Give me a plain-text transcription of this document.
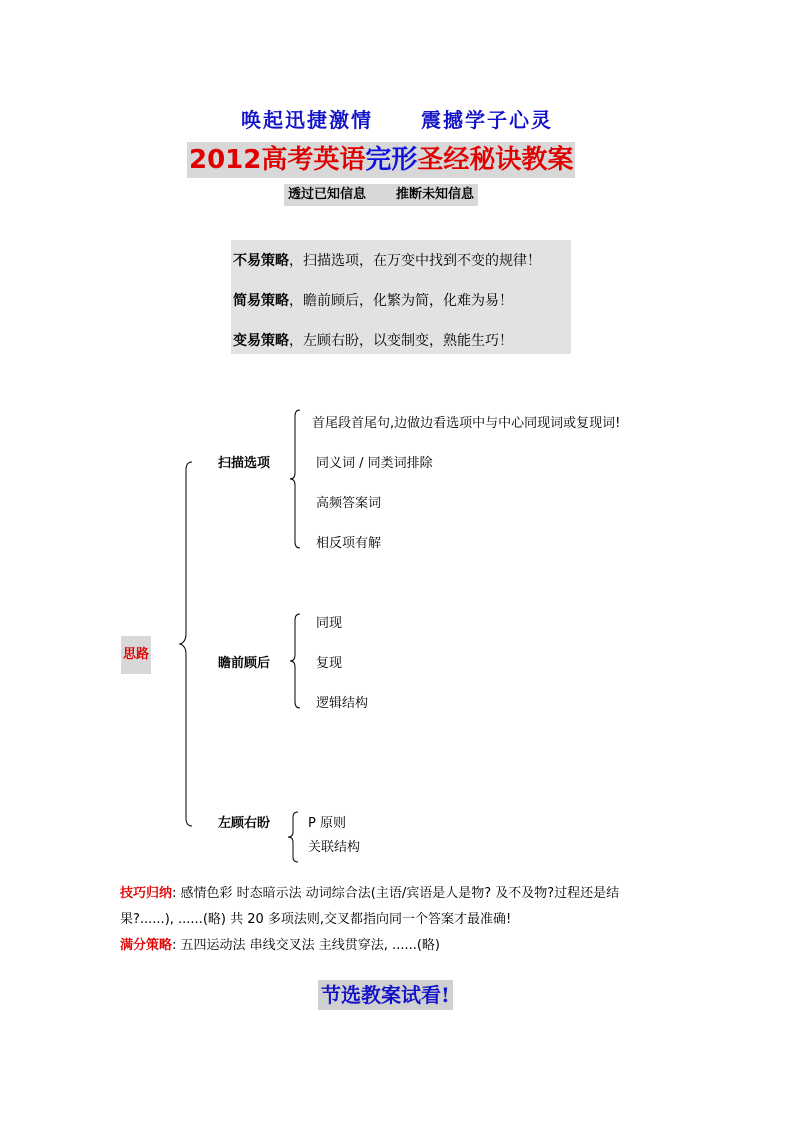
唤起迅捷激情 震撼学子心灵
2012高考英语完形圣经秘诀教案
透过已知信息 推断未知信息
不易策略，扫描选项，在万变中找到不变的规律！
简易策略，瞻前顾后，化繁为简，化难为易！
变易策略，左顾右盼，以变制变，熟能生巧！
思路
扫描选项
首尾段首尾句,边做边看选项中与中心同现词或复现词!
同义词 / 同类词排除
高频答案词
相反项有解
瞻前顾后
同现
复现
逻辑结构
左顾右盼	P 原则
关联结构
技巧归纳: 感情色彩 时态暗示法 动词综合法(主语/宾语是人是物? 及不及物?过程还是结
果?......), ......(略) 共 20 多项法则,交叉都指向同一个答案才最准确!
满分策略: 五四运动法 串线交叉法 主线贯穿法, ......(略)
节选教案试看!
